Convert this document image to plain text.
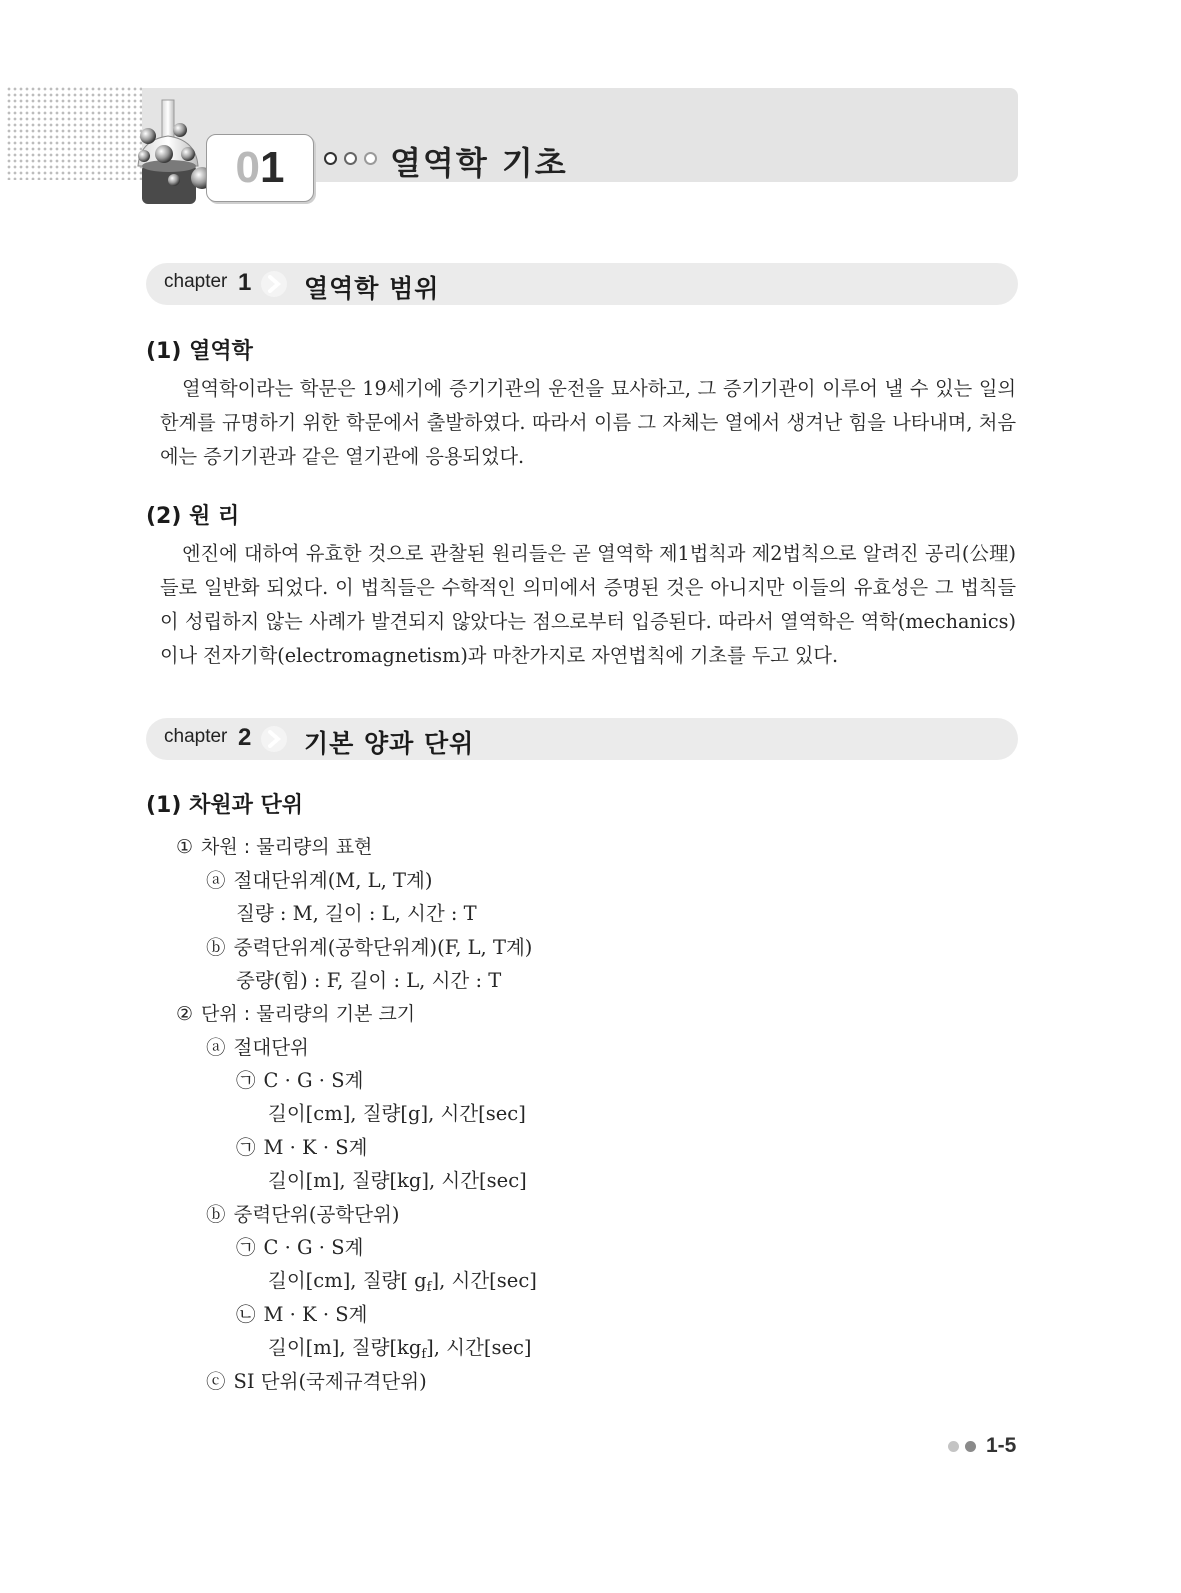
0 1	열역학 기초
chapter 1 열역학 범위
(1) 열역학

열역학이라는 학문은 19세기에 증기기관의 운전을 묘사하고, 그 증기기관이 이루어 낼 수 있는 일의 한계를 규명하기 위한 학문에서 출발하였다. 따라서 이름 그 자체는 열에서 생겨난 힘을 나타내며, 처음에는 증기기관과 같은 열기관에 응용되었다.

(2) 원 리

엔진에 대하여 유효한 것으로 관찰된 원리들은 곧 열역학 제1법칙과 제2법칙으로 알려진 공리(公理)들로 일반화 되었다. 이 법칙들은 수학적인 의미에서 증명된 것은 아니지만 이들의 유효성은 그 법칙들이 성립하지 않는 사례가 발견되지 않았다는 점으로부터 입증된다. 따라서 열역학은 역학(mechanics)이나 전자기학(electromagnetism)과 마찬가지로 자연법칙에 기초를 두고 있다.

chapter 2 기본 양과 단위
(1) 차원과 단위
① 차원 : 물리량의 표현
ⓐ 절대단위계(M, L, T계)
질량 : M, 길이 : L, 시간 : T
ⓑ 중력단위계(공학단위계)(F, L, T계)
중량(힘) : F, 길이 : L, 시간 : T
② 단위 : 물리량의 기본 크기
ⓐ 절대단위
㉠ C · G · S계
길이[cm], 질량[g], 시간[sec]
㉠ M · K · S계
길이[m], 질량[kg], 시간[sec]
ⓑ 중력단위(공학단위)
㉠ C · G · S계
길이[cm], 질량[ $g_f$], 시간[sec]
㉡ M · K · S계
길이[m], 질량$[kg_f]$, 시간[sec]
ⓒ SI 단위(국제규격단위)
1-5
